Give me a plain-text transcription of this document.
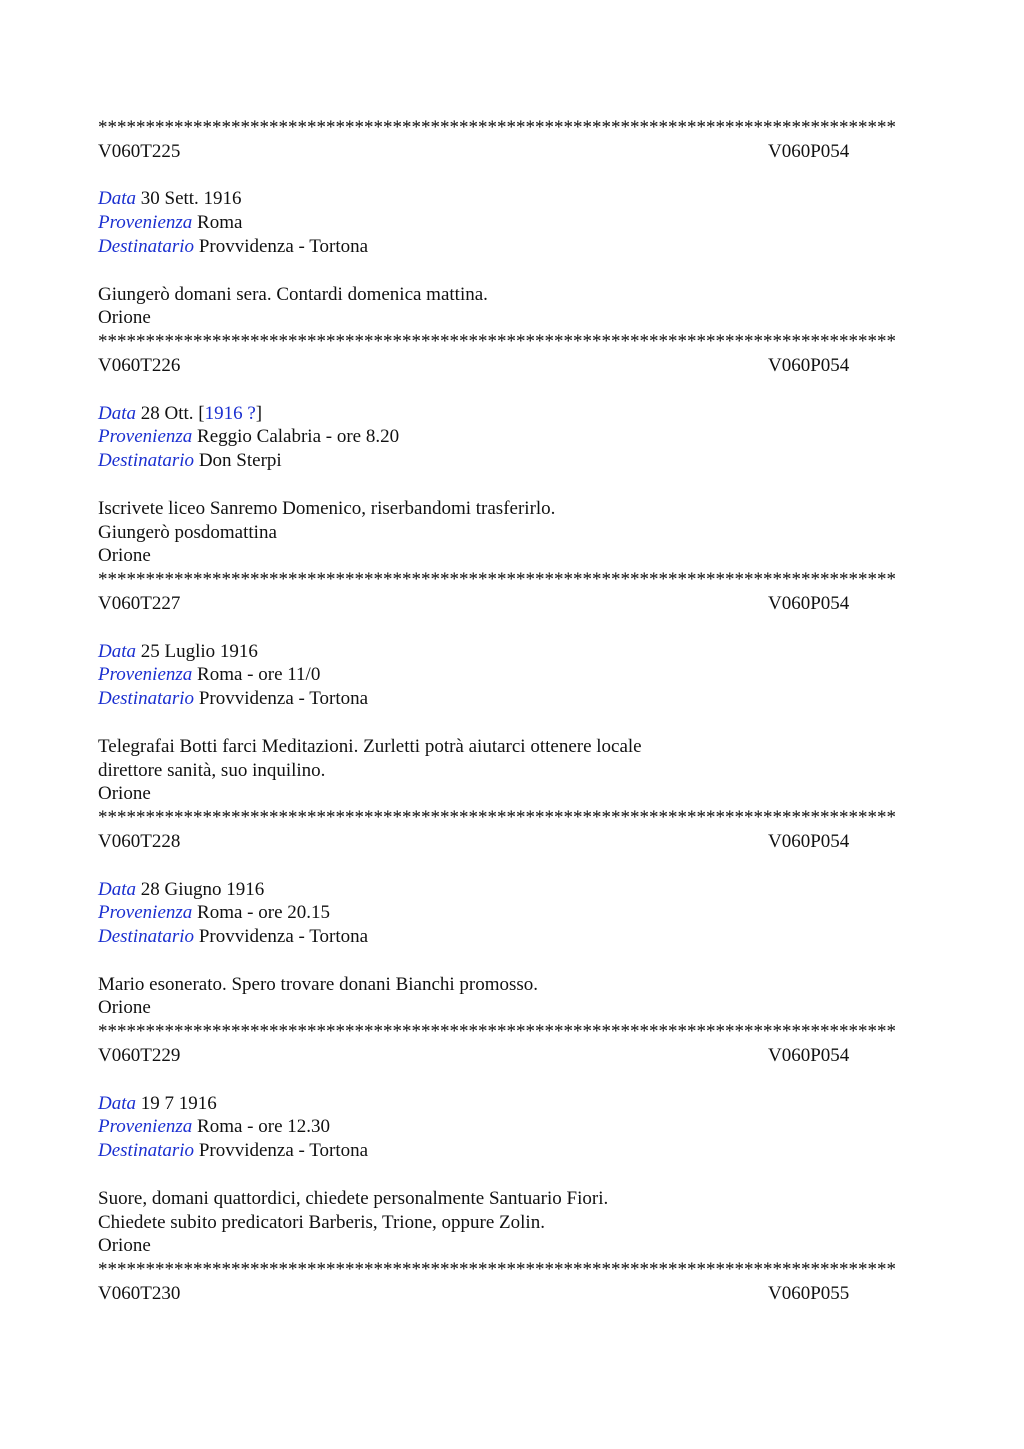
************************************************************************************
V060T225	V060P054
Data 30 Sett. 1916
Provenienza Roma
Destinatario Provvidenza - Tortona
Giungerò domani sera. Contardi domenica mattina.
Orione
************************************************************************************
V060T226	V060P054
Data 28 Ott. [1916 ?]
Provenienza Reggio Calabria - ore 8.20
Destinatario Don Sterpi
Iscrivete liceo Sanremo Domenico, riserbandomi trasferirlo.
Giungerò posdomattina
Orione
************************************************************************************
V060T227	V060P054
Data 25 Luglio 1916
Provenienza Roma - ore 11/0
Destinatario Provvidenza - Tortona
Telegrafai Botti farci Meditazioni. Zurletti potrà aiutarci ottenere locale
direttore sanità, suo inquilino.
Orione
************************************************************************************
V060T228	V060P054
Data 28 Giugno 1916
Provenienza Roma - ore 20.15
Destinatario Provvidenza - Tortona
Mario esonerato. Spero trovare donani Bianchi promosso.
Orione
************************************************************************************
V060T229	V060P054
Data 19 7 1916
Provenienza Roma - ore 12.30
Destinatario Provvidenza - Tortona
Suore, domani quattordici, chiedete personalmente Santuario Fiori.
Chiedete subito predicatori Barberis, Trione, oppure Zolin.
Orione
************************************************************************************
V060T230	V060P055
